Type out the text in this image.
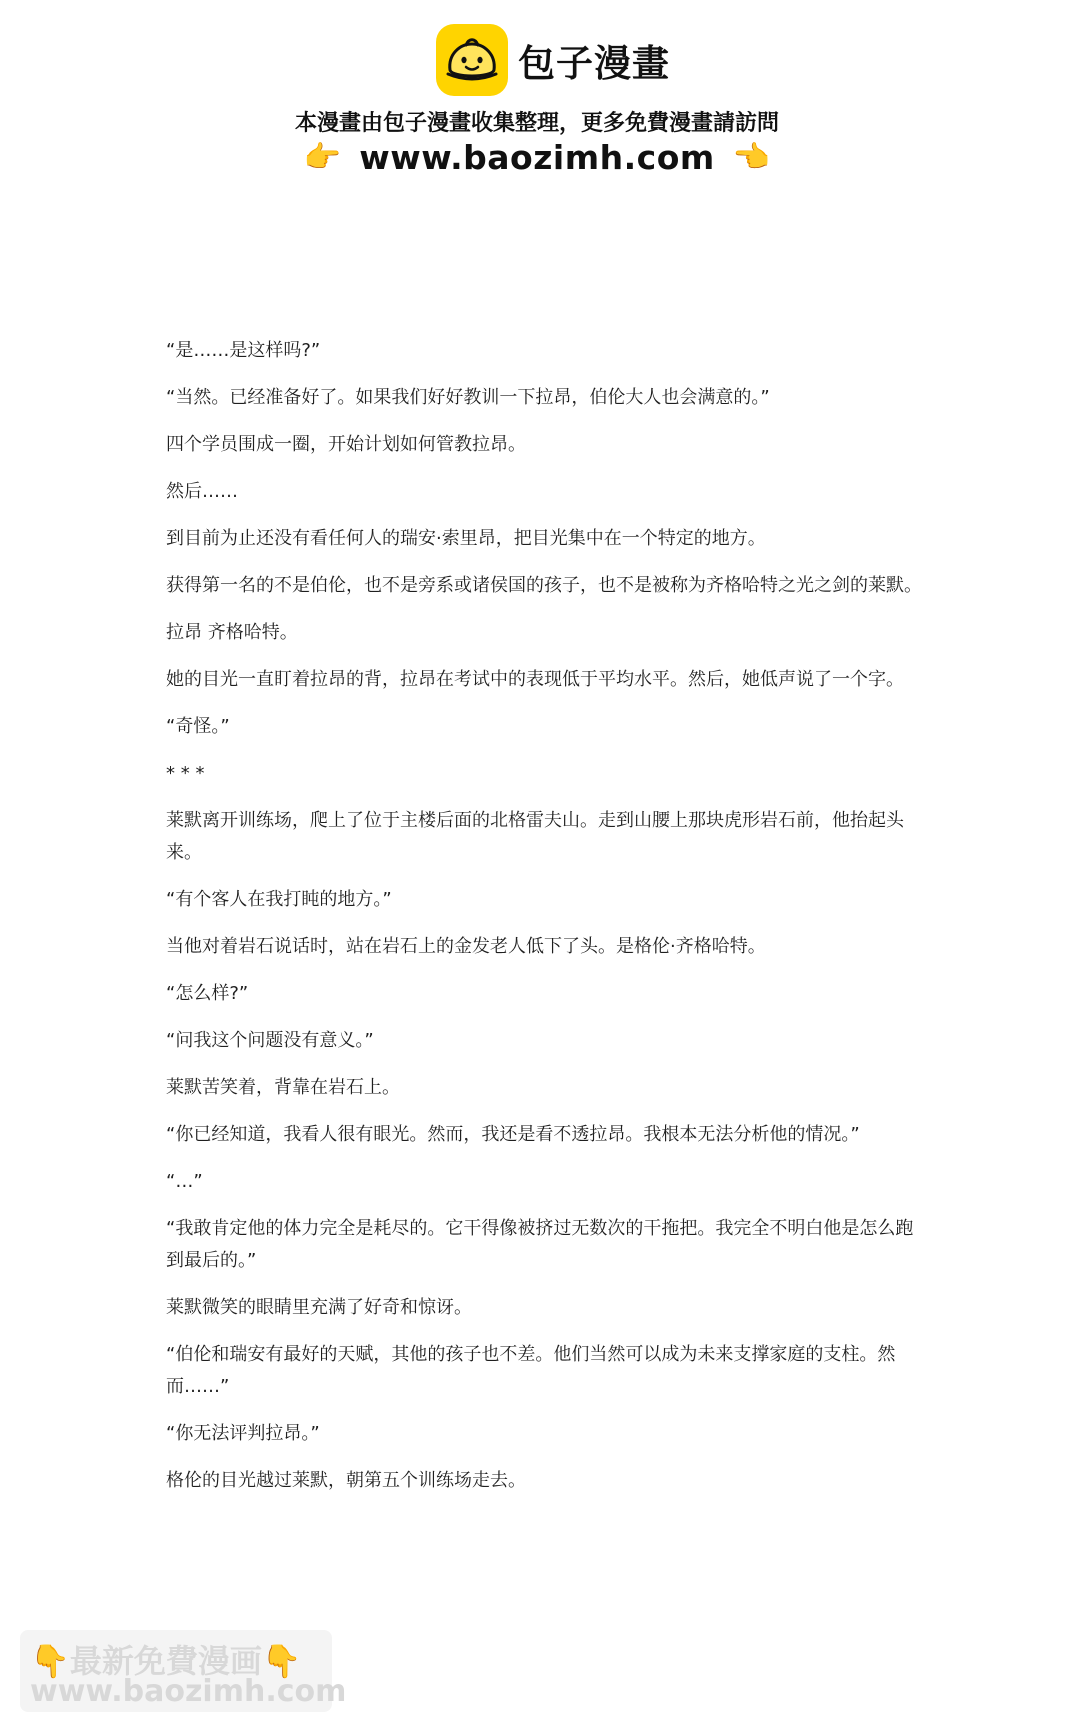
包子漫畫
本漫畫由包子漫畫收集整理，更多免費漫畫請訪問
👉 www.baozimh.com 👈

“是……是这样吗?”

“当然。已经准备好了。如果我们好好教训一下拉昂，伯伦大人也会满意的。”

四个学员围成一圈，开始计划如何管教拉昂。

然后……

到目前为止还没有看任何人的瑞安·索里昂，把目光集中在一个特定的地方。

获得第一名的不是伯伦，也不是旁系或诸侯国的孩子，也不是被称为齐格哈特之光之剑的莱默。

拉昂 齐格哈特。

她的目光一直盯着拉昂的背，拉昂在考试中的表现低于平均水平。然后，她低声说了一个字。

“奇怪。”

* * *

莱默离开训练场，爬上了位于主楼后面的北格雷夫山。走到山腰上那块虎形岩石前，他抬起头来。

“有个客人在我打盹的地方。”

当他对着岩石说话时，站在岩石上的金发老人低下了头。是格伦·齐格哈特。

“怎么样?”

“问我这个问题没有意义。”

莱默苦笑着，背靠在岩石上。

“你已经知道，我看人很有眼光。然而，我还是看不透拉昂。我根本无法分析他的情况。”

“…”

“我敢肯定他的体力完全是耗尽的。它干得像被挤过无数次的干拖把。我完全不明白他是怎么跑到最后的。”

莱默微笑的眼睛里充满了好奇和惊讶。

“伯伦和瑞安有最好的天赋，其他的孩子也不差。他们当然可以成为未来支撑家庭的支柱。然而……”

“你无法评判拉昂。”

格伦的目光越过莱默，朝第五个训练场走去。

👇最新免費漫画👇
www.baozimh.com
